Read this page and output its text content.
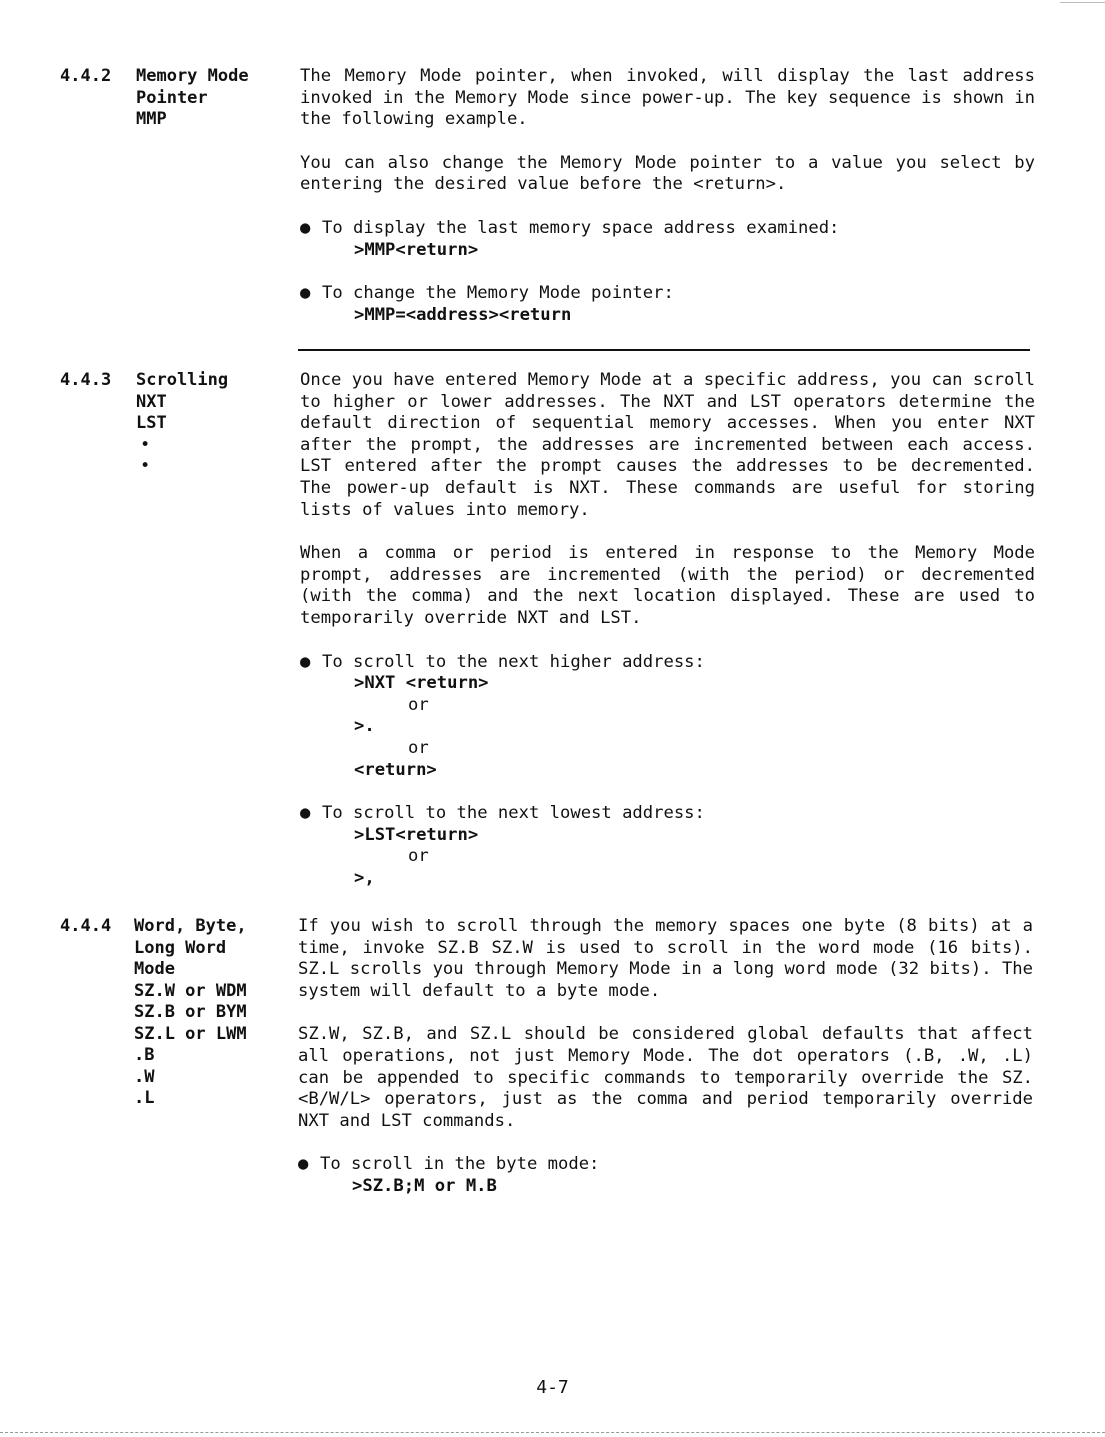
4.4.2 Memory Mode
Pointer
MMP

The Memory Mode pointer, when invoked, will display the last address invoked in the Memory Mode since power-up. The key sequence is shown in the following example.

You can also change the Memory Mode pointer to a value you select by entering the desired value before the <return>.

● To display the last memory space address examined:
>MMP<return>
● To change the Memory Mode pointer:
>MMP=<address><return
4.4.3 Scrolling
NXT
LST
•
•

Once you have entered Memory Mode at a specific address, you can scroll to higher or lower addresses. The NXT and LST operators determine the default direction of sequential memory accesses. When you enter NXT after the prompt, the addresses are incremented between each access. LST entered after the prompt causes the addresses to be decremented. The power-up default is NXT. These commands are useful for storing lists of values into memory.

When a comma or period is entered in response to the Memory Mode prompt, addresses are incremented (with the period) or decremented (with the comma) and the next location displayed. These are used to temporarily override NXT and LST.

● To scroll to the next higher address:
>NXT <return>
or
>.
or
<return>
● To scroll to the next lowest address:
>LST<return>
or
>,
4.4.4 Word, Byte,
Long Word
Mode
SZ.W or WDM
SZ.B or BYM
SZ.L or LWM
.B
.W
.L

If you wish to scroll through the memory spaces one byte (8 bits) at a time, invoke SZ.B SZ.W is used to scroll in the word mode (16 bits). SZ.L scrolls you through Memory Mode in a long word mode (32 bits). The system will default to a byte mode.

SZ.W, SZ.B, and SZ.L should be considered global defaults that affect all operations, not just Memory Mode. The dot operators (.B, .W, .L) can be appended to specific commands to temporarily override the SZ.<B/W/L> operators, just as the comma and period temporarily override NXT and LST commands.

● To scroll in the byte mode:
>SZ.B;M or M.B
4-7
